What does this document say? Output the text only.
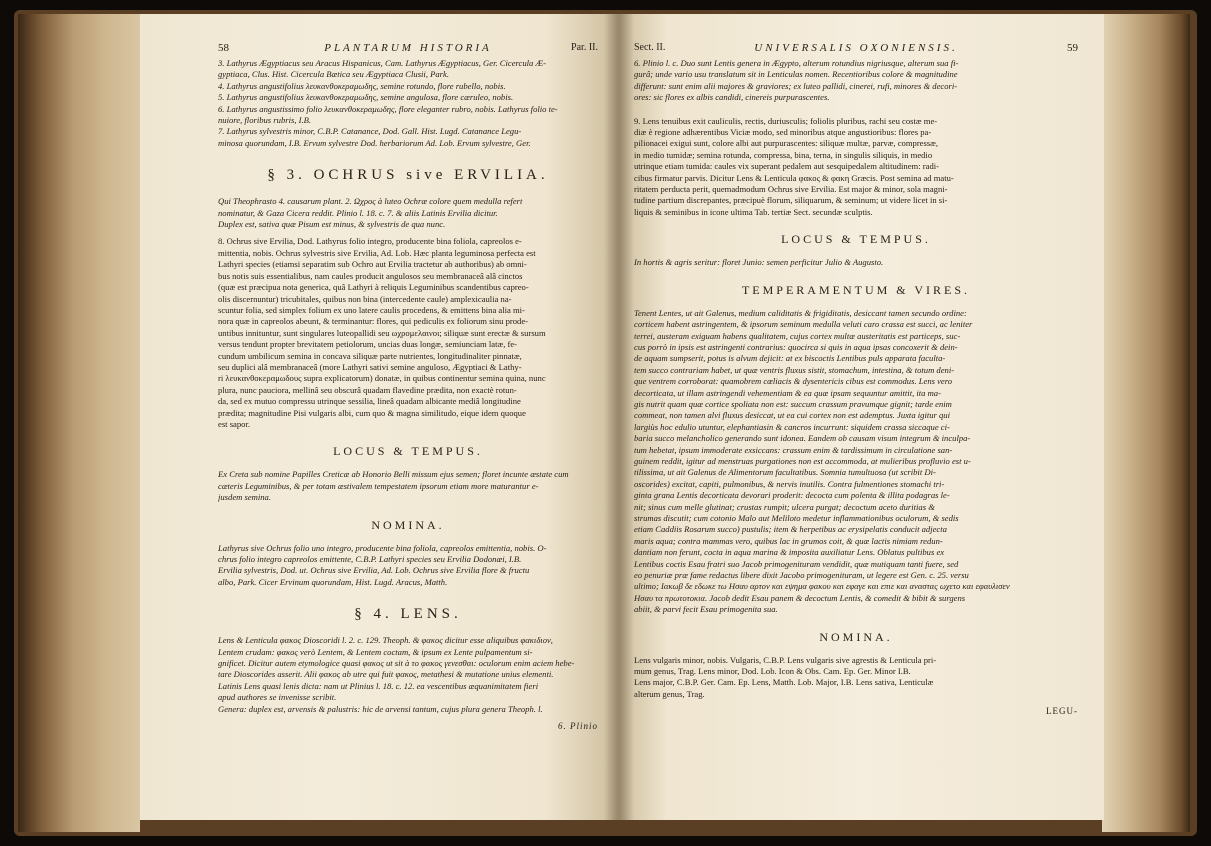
58	PLANTARUM HISTORIA	Par. II.
3. Lathyrus Ægyptiacus seu Aracus Hispanicus, Cam. Lathyrus Ægyptiacus, Ger. Cicercula Æ-
gyptiaca, Clus. Hist. Cicercula Bætica seu Ægyptiaca Clusii, Park.
4. Lathyrus angustifolius λευκανθοκεραμωδης, semine rotundo, flore rubello, nobis.
5. Lathyrus angustifolius λευκανθοκεραμωδης, semine angulosa, flore cæruleo, nobis.
6. Lathyrus angustissimo folio λευκανθοκεραμωδης, flore eleganter rubro, nobis. Lathyrus folio te-
nuiore, floribus rubris, I.B.
7. Lathyrus sylvestris minor, C.B.P. Catanance, Dod. Gall. Hist. Lugd. Catanance Legu-
minosa quorundam, I.B. Ervum sylvestre Dod. herbariorum Ad. Lob. Ervum sylvestre, Ger.
§ 3. OCHRUS sive ERVILIA.
Qui Theophrasto 4. causarum plant. 2. Ωχρος à luteo Ochræ colore quem medulla refert
nominatur, & Gaza Cicera reddit. Plinio l. 18. c. 7. & aliis Latinis Ervilia dicitur.
Duplex est, sativa quæ Pisum est minus, & sylvestris de qua nunc.
8. Ochrus sive Ervilia, Dod. Lathyrus folio integro, producente bina foliola, capreolos e-
mittentia, nobis. Ochrus sylvestris sive Ervilia, Ad. Lob. Hæc planta leguminosa perfecta est
Lathyri species (etiamsi separatim sub Ochro aut Ervilia tractetur ab authoribus) ab omni-
bus notis suis essentialibus, nam caules producit angulosos seu membranaceâ alâ cinctos
(quæ est præcipua nota generica, quâ Lathyri à reliquis Leguminibus scandentibus capreo-
olis discernuntur) tricubitales, quibus non bina (intercedente caule) amplexicaulia na-
scuntur folia, sed simplex folium ex uno latere caulis procedens, & emittens bina alia mi-
nora quæ in capreolos abeunt, & terminantur: flores, qui pediculis ex foliorum sinu prode-
untibus innituntur, sunt singulares luteopallidi seu ωχρομελαινοι; siliquæ sunt erectæ & sursum
versus tendunt propter brevitatem petiolorum, uncias duas longæ, semiunciam latæ, fe-
cundum umbilicum semina in concava siliquæ parte nutrientes, longitudinaliter pinnatæ,
seu duplici alâ membranaceâ (more Lathyri sativi semine anguloso, Ægyptiaci & Lathy-
ri λευκανθοκεραμωδους supra explicatorum) donatæ, in quibus continentur semina quina, nunc
plura, nunc pauciora, mellinâ seu obscurâ quadam flavedine prædita, non exactè rotun-
da, sed ex mutuo compressu utrinque sessilia, lineâ quadam albicante mediâ longitudine
prædita; magnitudine Pisi vulgaris albi, cum quo & magna similitudo, eique idem quoque
est sapor.
LOCUS & TEMPUS.
Ex Creta sub nomine Papilles Creticæ ab Honorio Belli missum ejus semen; floret incunte æstate cum
cæteris Leguminibus, & per totam æstivalem tempestatem ipsorum etiam more maturantur e-
jusdem semina.
NOMINA.
Lathyrus sive Ochrus folio uno integro, producente bina foliola, capreolos emittentia, nobis. O-
chrus folio integro capreolos emittente, C.B.P. Lathyri species seu Ervilia Dodonæi, I.B.
Ervilia sylvestris, Dod. ut. Ochrus sive Ervilia, Ad. Lob. Ochrus sive Ervilia flore & fructu
albo, Park. Cicer Ervinum quorundam, Hist. Lugd. Aracus, Matth.
§ 4. LENS.
Lens & Lenticula φακος Dioscoridi l. 2. c. 129. Theoph. & φακος dicitur esse aliquibus φακιδιον,
Lentem crudam: φακος verò Lentem, & Lentem coctam, & ipsum ex Lente pulpamentum si-
gnificet. Dicitur autem etymologice quasi φακος ut sit à το φακος γενεσθαι: oculorum enim aciem hebe-
tare Dioscorides asserit. Alii φακος ab utre qui fuit φακος, metathesi & mutatione unius elementi.
Latinis Lens quasi lenis dicta: nam ut Plinius l. 18. c. 12. ea vescentibus æquanimitatem fieri
apud authores se invenisse scribit.
Genera: duplex est, arvensis & palustris: hic de arvensi tantum, cujus plura genera Theoph. l.
6. Plinio
Sect. II.	UNIVERSALIS OXONIENSIS.	59
6. Plinio l. c. Duo sunt Lentis genera in Ægypto, alterum rotundius nigriusque, alterum sua fi-
gurâ; unde vario usu translatum sit in Lenticulas nomen. Recentioribus colore & magnitudine
differunt: sunt enim alii majores & graviores; ex luteo pallidi, cinerei, rufi, minores & decori-
ores: sic flores ex albis candidi, cinereis purpurascentes.
9. Lens tenuibus exit cauliculis, rectis, duriusculis; foliolis pluribus, rachi seu costæ me-
diæ è regione adhærentibus Viciæ modo, sed minoribus atque angustioribus: flores pa-
pilionacei exigui sunt, colore albi aut purpurascentes: siliquæ multæ, parvæ, compressæ,
in medio tumidæ; semina rotunda, compressa, bina, terna, in singulis siliquis, in medio
utrinque etiam tumida: caules vix superant pedalem aut sesquipedalem altitudinem: radi-
cibus firmatur parvis. Dicitur Lens & Lenticula φακος & φακη Græcis. Post semina ad matu-
ritatem perducta perit, quemadmodum Ochrus sive Ervilia. Est major & minor, sola magni-
tudine partium discrepantes, præcipuè florum, siliquarum, & seminum; ut videre licet in si-
liquis & seminibus in icone ultima Tab. tertiæ Sect. secundæ sculptis.
LOCUS & TEMPUS.
In hortis & agris seritur: floret Junio: semen perficitur Julio & Augusto.
TEMPERAMENTUM & VIRES.
Tenent Lentes, ut ait Galenus, medium caliditatis & frigiditatis, desiccant tamen secundo ordine:
corticem habent astringentem, & ipsorum seminum medulla veluti caro crassa est succi, ac leniter
terrei, austeram exiguam habens qualitatem, cujus cortex multæ austeritatis est particeps, suc-
cus porrò in ipsis est astringenti contrarius: quocirca si quis in aqua ipsas concoxerit & dein-
de aquam sumpserit, potus is alvum dejicit: at ex biscoctis Lentibus puls apparata faculta-
tem succo contrariam habet, ut quæ ventris fluxus sistit, stomachum, intestina, & totum deni-
que ventrem corroborat: quamobrem cœliacis & dysentericis cibus est commodus. Lens vero
decorticata, ut illam astringendi vehementiam & ea quæ ipsam sequuntur amittit, ita ma-
gis nutrit quam quæ cortice spoliata non est: succum crassum pravumque gignit; tarde enim
commeat, non tamen alvi fluxus desiccat, ut ea cui cortex non est ademptus. Juxta igitur qui
largiùs hoc edulio utuntur, elephantiasin & cancros incurrunt: siquidem crassa siccaque ci-
baria succo melancholico generando sunt idonea. Eandem ob causam visum integrum & inculpa-
tum hebetat, ipsum immoderate exsiccans: crassum enim & tardissimum in circulatione san-
guinem reddit, igitur ad menstruas purgationes non est accommoda, at mulieribus profluvio est u-
tilissima, ut ait Galenus de Alimentorum facultatibus. Somnia tumultuosa (ut scribit Di-
oscorides) excitat, capiti, pulmonibus, & nervis inutilis. Contra fulmentiones stomachi tri-
ginta grana Lentis decorticata devorari proderit: decocta cum polenta & illita podagras le-
nit; sinus cum melle glutinat; crustas rumpit; ulcera purgat; decoctum aceto duritias &
strumas discutit; cum cotonio Malo aut Meliloto medetur inflammationibus oculorum, & sedis
etiam Caddiis Rosarum succo) pustulis; item & herpetibus ac erysipelatis conducit adjecta
maris aqua; contra mammas vero, quibus lac in grumos coit, & quæ lactis nimiam redun-
dantiam non ferunt, cocta in aqua marina & imposita auxiliatur Lens. Oblatus pultibus ex
Lentibus coctis Esau fratri suo Jacob primogenituram vendidit, quæ mutiquam tanti fuere, sed
eo penuriæ præ fame redactus libere dixit Jacobo primogenituram, ut legere est Gen. c. 25. versu
ultimo; Ιακωβ δε εδωκε τω Ησαυ αρτον και εψημα φακου και εφαγε και επιε και αναστας ωχετο και εφαυλισεν
Ησαυ τα πρωτοτοκια. Jacob dedit Esau panem & decoctum Lentis, & comedit & bibit & surgens
abiit, & parvi fecit Esau primogenita sua.
NOMINA.
Lens vulgaris minor, nobis. Vulgaris, C.B.P. Lens vulgaris sive agrestis & Lenticula pri-
mum genus, Trag. Lens minor, Dod. Lob. Icon & Obs. Cam. Ep. Ger. Minor I.B.
Lens major, C.B.P. Ger. Cam. Ep. Lens, Matth. Lob. Major, I.B. Lens sativa, Lenticulæ
alterum genus, Trag.
LEGU-
